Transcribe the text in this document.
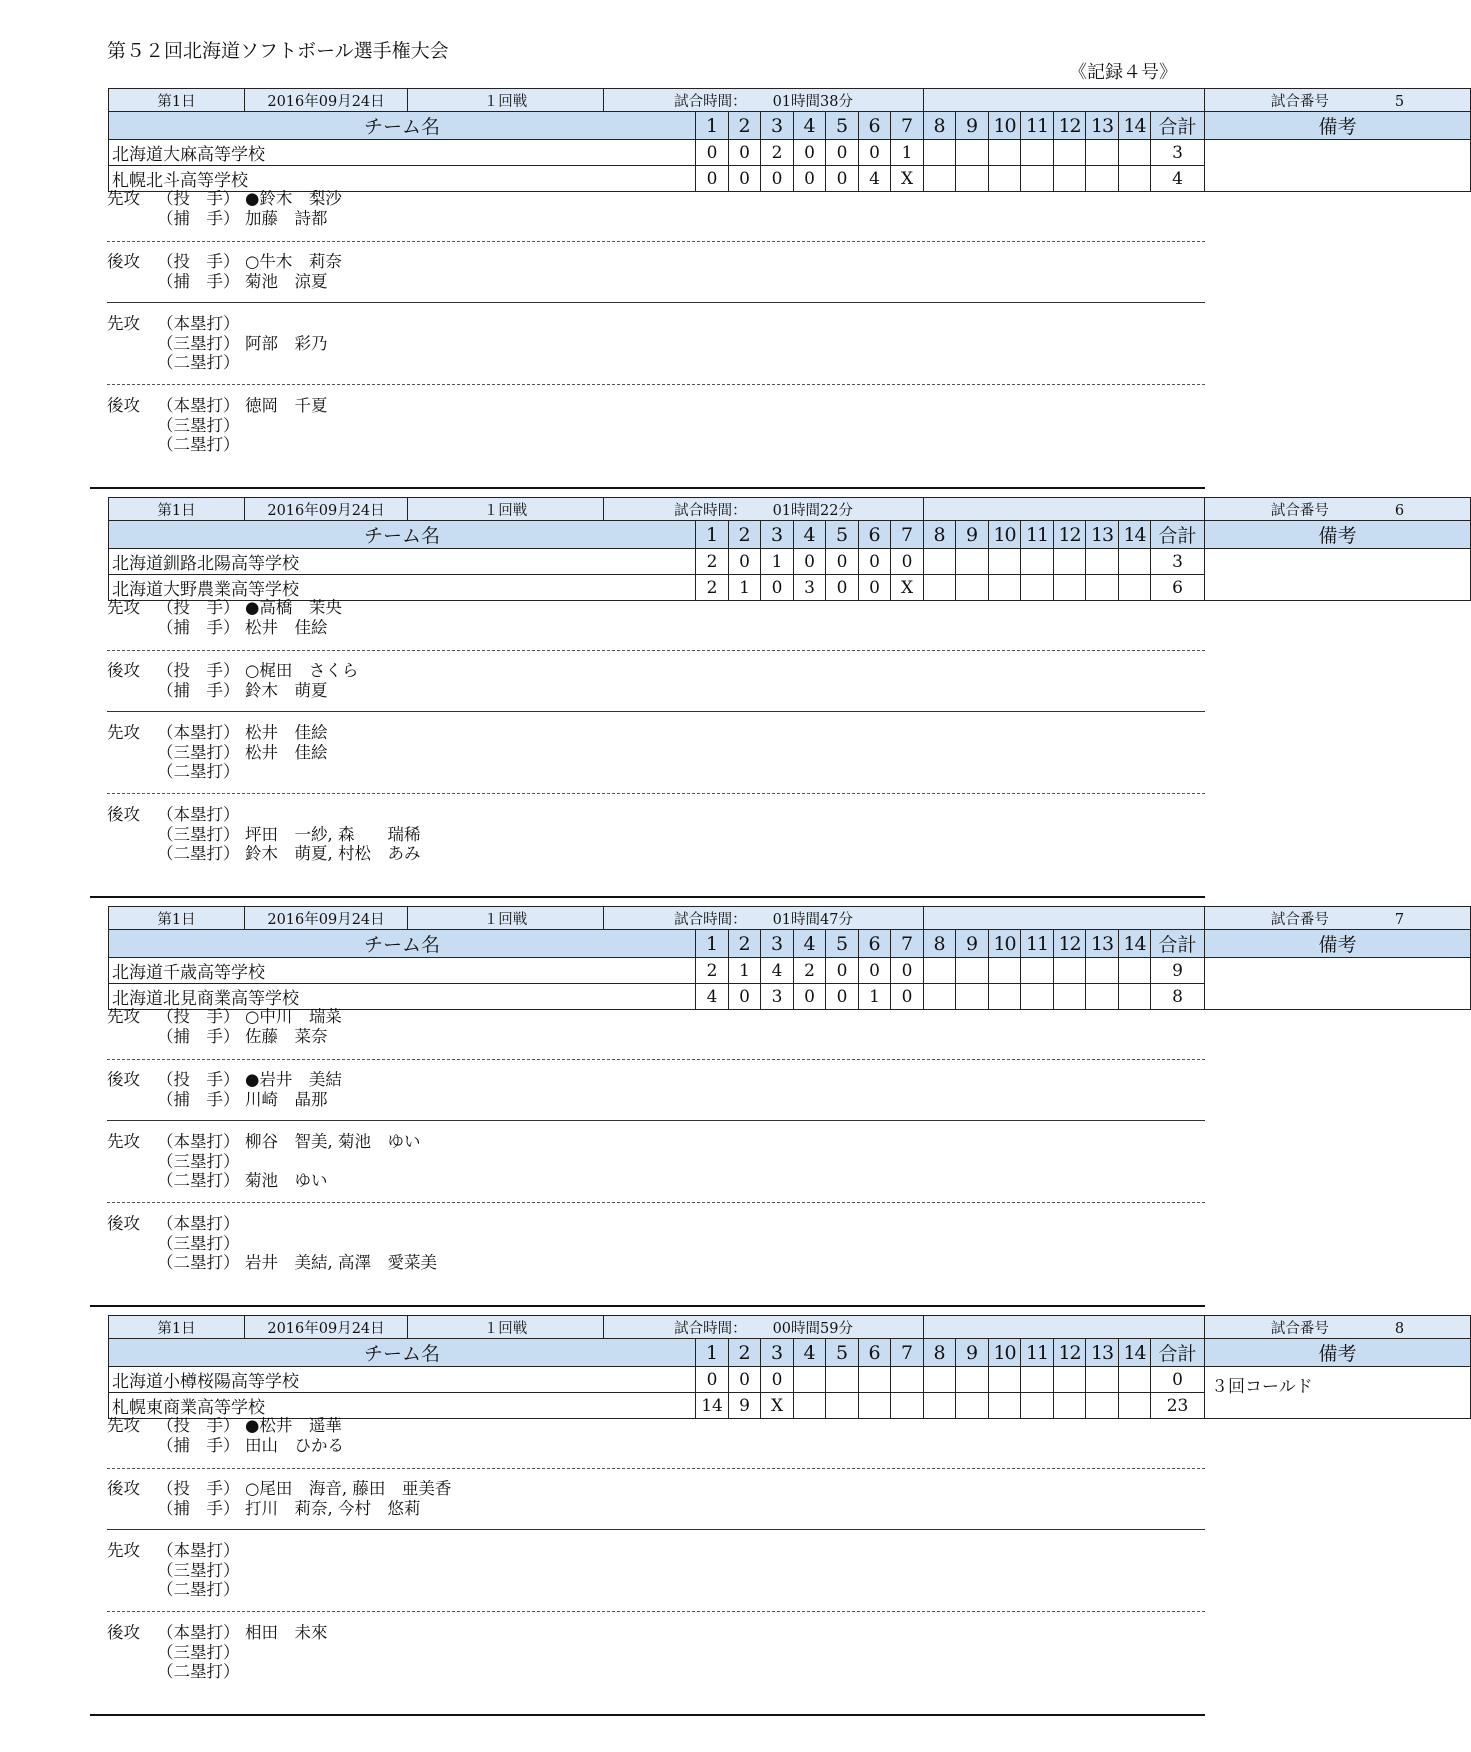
第５２回北海道ソフトボール選手権大会
《記録４号》
第1日	2016年09月24日	１回戦	試合時間： 01時間38分																試合番号 5
チーム名				1	2	3	4	5	6	7	8	9	10	11	12	13	14	合計	備考
北海道大麻高等学校				0	0	2	0	0	0	1								3	
札幌北斗高等学校				0	0	0	0	0	4	X								4	
先攻	（投　手） ●鈴木　梨沙
（捕　手） 加藤　詩都
後攻	（投　手） ○牛木　莉奈
（捕　手） 菊池　涼夏
先攻	（本塁打）
（三塁打） 阿部　彩乃
（二塁打）
後攻	（本塁打） 徳岡　千夏
（三塁打）
（二塁打）
第1日	2016年09月24日	１回戦	試合時間： 01時間22分																試合番号 6
チーム名				1	2	3	4	5	6	7	8	9	10	11	12	13	14	合計	備考
北海道釧路北陽高等学校				2	0	1	0	0	0	0								3	
北海道大野農業高等学校				2	1	0	3	0	0	X								6	
先攻	（投　手） ●高橋　茉央
（捕　手） 松井　佳絵
後攻	（投　手） ○梶田　さくら
（捕　手） 鈴木　萌夏
先攻	（本塁打） 松井　佳絵
（三塁打） 松井　佳絵
（二塁打）
後攻	（本塁打）
（三塁打） 坪田　一紗, 森　　瑞稀
（二塁打） 鈴木　萌夏, 村松　あみ
第1日	2016年09月24日	１回戦	試合時間： 01時間47分																試合番号 7
チーム名				1	2	3	4	5	6	7	8	9	10	11	12	13	14	合計	備考
北海道千歳高等学校				2	1	4	2	0	0	0								9	
北海道北見商業高等学校				4	0	3	0	0	1	0								8	
先攻	（投　手） ○中川　瑞菜
（捕　手） 佐藤　菜奈
後攻	（投　手） ●岩井　美結
（捕　手） 川崎　晶那
先攻	（本塁打） 柳谷　智美, 菊池　ゆい
（三塁打）
（二塁打） 菊池　ゆい
後攻	（本塁打）
（三塁打）
（二塁打） 岩井　美結, 高澤　愛菜美
第1日	2016年09月24日	１回戦	試合時間： 00時間59分																試合番号 8
チーム名				1	2	3	4	5	6	7	8	9	10	11	12	13	14	合計	備考
北海道小樽桜陽高等学校				0	0	0												0	３回コールド
札幌東商業高等学校				14	9	X												23	
先攻	（投　手） ●松井　遥華
（捕　手） 田山　ひかる
後攻	（投　手） ○尾田　海音, 藤田　亜美香
（捕　手） 打川　莉奈, 今村　悠莉
先攻	（本塁打）
（三塁打）
（二塁打）
後攻	（本塁打） 相田　未來
（三塁打）
（二塁打）
